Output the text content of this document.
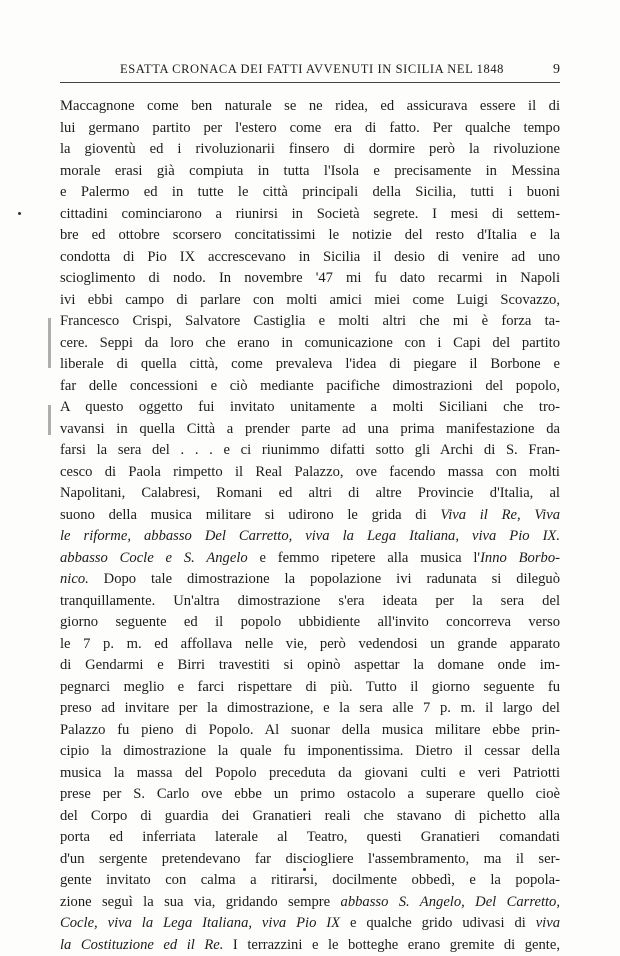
ESATTA CRONACA DEI FATTI AVVENUTI IN SICILIA NEL 1848	9
Maccagnone come ben naturale se ne ridea, ed assicurava essere il di
lui germano partito per l'estero come era di fatto. Per qualche tempo
la gioventù ed i rivoluzionarii finsero di dormire però la rivoluzione
morale erasi già compiuta in tutta l'Isola e precisamente in Messina
e Palermo ed in tutte le città principali della Sicilia, tutti i buoni
cittadini cominciarono a riunirsi in Società segrete. I mesi di settem-
bre ed ottobre scorsero concitatissimi le notizie del resto d'Italia e la
condotta di Pio IX accrescevano in Sicilia il desio di venire ad uno
scioglimento di nodo. In novembre '47 mi fu dato recarmi in Napoli
ivi ebbi campo di parlare con molti amici miei come Luigi Scovazzo,
Francesco Crispi, Salvatore Castiglia e molti altri che mi è forza ta-
cere. Seppi da loro che erano in comunicazione con i Capi del partito
liberale di quella città, come prevaleva l'idea di piegare il Borbone e
far delle concessioni e ciò mediante pacifiche dimostrazioni del popolo,
A questo oggetto fui invitato unitamente a molti Siciliani che tro-
vavansi in quella Città a prender parte ad una prima manifestazione da
farsi la sera del . . . e ci riunimmo difatti sotto gli Archi di S. Fran-
cesco di Paola rimpetto il Real Palazzo, ove facendo massa con molti
Napolitani, Calabresi, Romani ed altri di altre Provincie d'Italia, al
suono della musica militare si udirono le grida di Viva il Re, Viva
le riforme, abbasso Del Carretto, viva la Lega Italiana, viva Pio IX.
abbasso Cocle e S. Angelo e femmo ripetere alla musica l'Inno Borbo-
nico. Dopo tale dimostrazione la popolazione ivi radunata si dileguò
tranquillamente. Un'altra dimostrazione s'era ideata per la sera del
giorno seguente ed il popolo ubbidiente all'invito concorreva verso
le 7 p. m. ed affollava nelle vie, però vedendosi un grande apparato
di Gendarmi e Birri travestiti si opinò aspettar la domane onde im-
pegnarci meglio e farci rispettare di più. Tutto il giorno seguente fu
preso ad invitare per la dimostrazione, e la sera alle 7 p. m. il largo del
Palazzo fu pieno di Popolo. Al suonar della musica militare ebbe prin-
cipio la dimostrazione la quale fu imponentissima. Dietro il cessar della
musica la massa del Popolo preceduta da giovani culti e veri Patriotti
prese per S. Carlo ove ebbe un primo ostacolo a superare quello cioè
del Corpo di guardia dei Granatieri reali che stavano di pichetto alla
porta ed inferriata laterale al Teatro, questi Granatieri comandati
d'un sergente pretendevano far disciogliere l'assembramento, ma il ser-
gente invitato con calma a ritirarsi, docilmente obbedì, e la popola-
zione seguì la sua via, gridando sempre abbasso S. Angelo, Del Carretto,
Cocle, viva la Lega Italiana, viva Pio IX e qualche grido udivasi di viva
la Costituzione ed il Re. I terrazzini e le botteghe erano gremite di gente,
